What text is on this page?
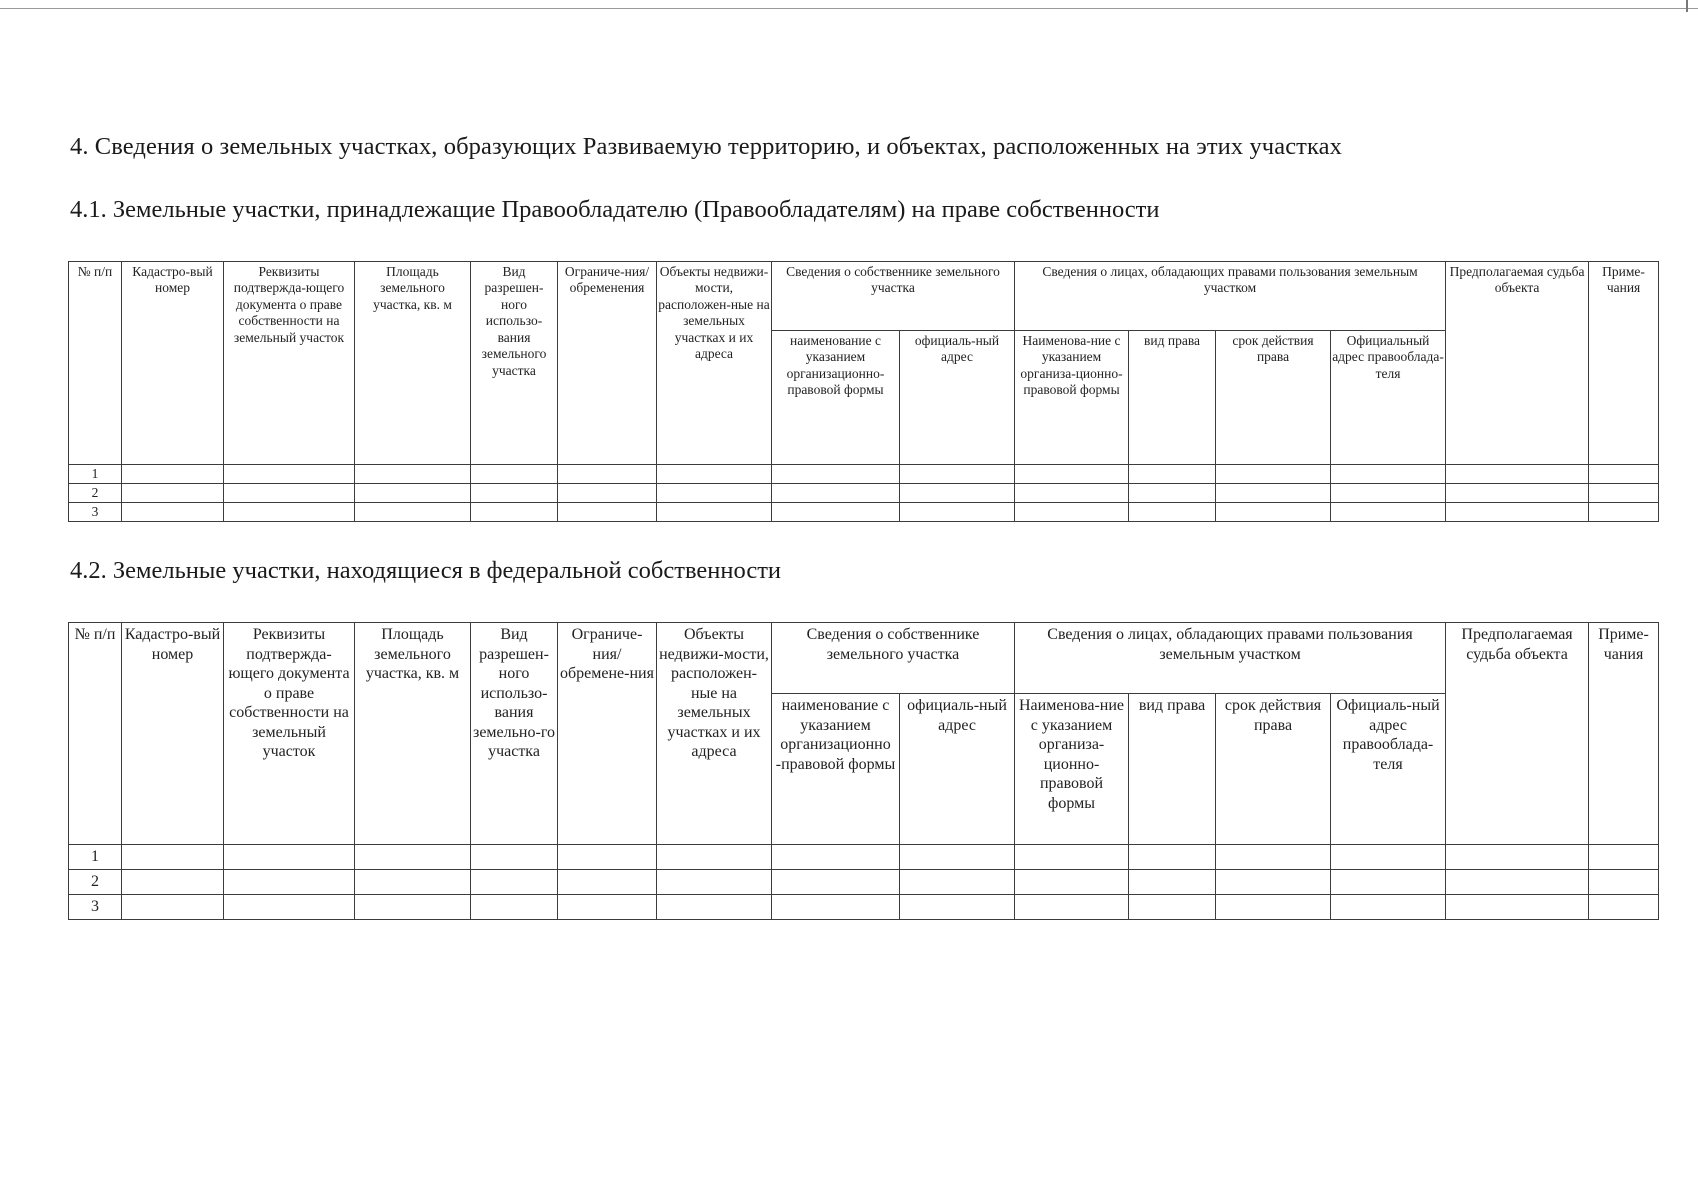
4. Сведения о земельных участках, образующих Развиваемую территорию, и объектах, расположенных на этих участках
4.1. Земельные участки, принадлежащие Правообладателю (Правообладателям) на праве собственности
№ п/п	Кадастро-вый номер	Реквизиты подтвержда-ющего документа о праве собственности на земельный участок	Площадь земельного участка, кв. м	Вид разрешен-ного использо-вания земельного участка	Ограниче-ния/ обременения	Объекты недвижи-мости, расположен-ные на земельных участках и их адреса	Сведения о собственнике земельного участка		Сведения о лицах, обладающих правами пользования земельным участком				Предполагаемая судьба объекта	Приме-чания
							наименование с указанием организационно-правовой формы	официаль-ный адрес	Наименова-ние с указанием организа-ционно-правовой формы	вид права	срок действия права	Официальный адрес правооблада-теля		
1														
2														
3														
4.2. Земельные участки, находящиеся в федеральной собственности
№ п/п	Кадастро-вый номер	Реквизиты подтвержда-ющего документа о праве собственности на земельный участок	Площадь земельного участка, кв. м	Вид разрешен-ного использо-вания земельно-го участка	Ограниче-ния/ обремене-ния	Объекты недвижи-мости, расположен-ные на земельных участках и их адреса	Сведения о собственнике земельного участка		Сведения о лицах, обладающих правами пользования земельным участком				Предполагаемая судьба объекта	Приме-чания
							наименование с указанием организационно -правовой формы	официаль-ный адрес	Наименова-ние с указанием организа-ционно-правовой формы	вид права	срок действия права	Официаль-ный адрес правооблада-теля		
1														
2														
3														
